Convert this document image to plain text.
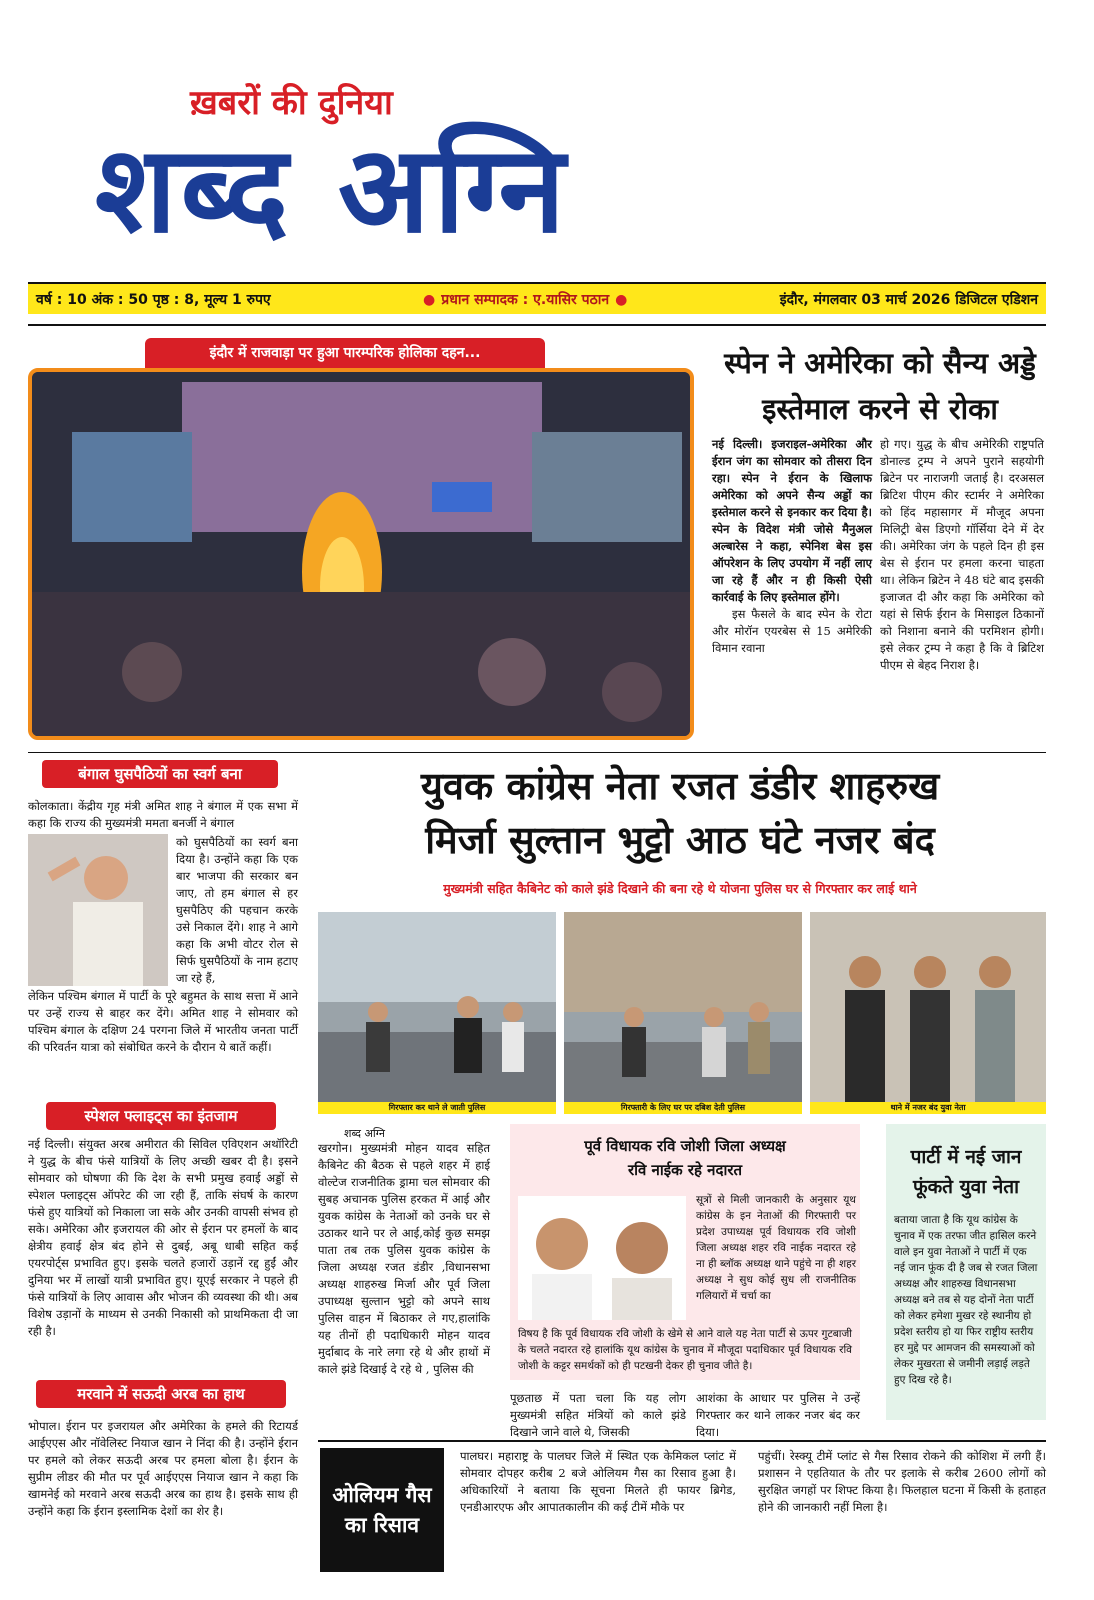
ख़बरों की दुनिया
शब्द अग्नि
वर्ष : 10 अंक : 50 पृष्ठ : 8, मूल्य 1 रुपए	● प्रधान सम्पादक : ए.यासिर पठान ●	इंदौर, मंगलवार 03 मार्च 2026 डिजिटल एडिशन
इंदौर में राजवाड़ा पर हुआ पारम्परिक होलिका दहन...	स्पेन ने अमेरिका को सैन्य अड्डे इस्तेमाल करने से रोका

नई दिल्ली। इजराइल-अमेरिका और ईरान जंग का सोमवार को तीसरा दिन रहा। स्पेन ने ईरान के खिलाफ अमेरिका को अपने सैन्य अड्डों का इस्तेमाल करने से इनकार कर दिया है। स्पेन के विदेश मंत्री जोसे मैनुअल अल्बारेस ने कहा, स्पेनिश बेस इस ऑपरेशन के लिए उपयोग में नहीं लाए जा रहे हैं और न ही किसी ऐसी कार्रवाई के लिए इस्तेमाल होंगे।

इस फैसले के बाद स्पेन के रोटा और मोरॉन एयरबेस से 15 अमेरिकी विमान रवाना

हो गए। युद्ध के बीच अमेरिकी राष्ट्रपति डोनाल्ड ट्रम्प ने अपने पुराने सहयोगी ब्रिटेन पर नाराजगी जताई है। दरअसल ब्रिटिश पीएम कीर स्टार्मर ने अमेरिका को हिंद महासागर में मौजूद अपना मिलिट्री बेस डिएगो गॉर्सिया देने में देर की। अमेरिका जंग के पहले दिन ही इस बेस से ईरान पर हमला करना चाहता था। लेकिन ब्रिटेन ने 48 घंटे बाद इसकी इजाजत दी और कहा कि अमेरिका को यहां से सिर्फ ईरान के मिसाइल ठिकानों को निशाना बनाने की परमिशन होगी। इसे लेकर ट्रम्प ने कहा है कि वे ब्रिटिश पीएम से बेहद निराश है।
बंगाल घुसपैठियों का स्वर्ग बना
कोलकाता। केंद्रीय गृह मंत्री अमित शाह ने बंगाल में एक सभा में कहा कि राज्य की मुख्यमंत्री ममता बनर्जी ने बंगाल
को घुसपैठियों का स्वर्ग बना दिया है। उन्होंने कहा कि एक बार भाजपा की सरकार बन जाए, तो हम बंगाल से हर घुसपैठिए की पहचान करके उसे निकाल देंगे। शाह ने आगे कहा कि अभी वोटर रोल से सिर्फ घुसपैठियों के नाम हटाए जा रहे हैं,
लेकिन पश्चिम बंगाल में पार्टी के पूरे बहुमत के साथ सत्ता में आने पर उन्हें राज्य से बाहर कर देंगे। अमित शाह ने सोमवार को पश्चिम बंगाल के दक्षिण 24 परगना जिले में भारतीय जनता पार्टी की परिवर्तन यात्रा को संबोधित करने के दौरान ये बातें कहीं।
युवक कांग्रेस नेता रजत डंडीर शाहरुख
मिर्जा सुल्तान भुट्टो आठ घंटे नजर बंद
मुख्यमंत्री सहित कैबिनेट को काले झंडे दिखाने की बना रहे थे योजना पुलिस घर से गिरफ्तार कर लाई थाने
गिरफ्तार कर थाने ले जाती पुलिस	गिरफ्तारी के लिए घर पर दबिश देती पुलिस	थाने में नजर बंद युवा नेता
स्पेशल फ्लाइट्स का इंतजाम
नई दिल्ली। संयुक्त अरब अमीरात की सिविल एविएशन अथॉरिटी ने युद्ध के बीच फंसे यात्रियों के लिए अच्छी खबर दी है। इसने सोमवार को घोषणा की कि देश के सभी प्रमुख हवाई अड्डों से स्पेशल फ्लाइट्स ऑपरेट की जा रही हैं, ताकि संघर्ष के कारण फंसे हुए यात्रियों को निकाला जा सके और उनकी वापसी संभव हो सके। अमेरिका और इजरायल की ओर से ईरान पर हमलों के बाद क्षेत्रीय हवाई क्षेत्र बंद होने से दुबई, अबू धाबी सहित कई एयरपोर्ट्स प्रभावित हुए। इसके चलते हजारों उड़ानें रद्द हुईं और दुनिया भर में लाखों यात्री प्रभावित हुए। यूएई सरकार ने पहले ही फंसे यात्रियों के लिए आवास और भोजन की व्यवस्था की थी। अब विशेष उड़ानों के माध्यम से उनकी निकासी को प्राथमिकता दी जा रही है।
शब्द अग्नि
खरगोन। मुख्यमंत्री मोहन यादव सहित कैबिनेट की बैठक से पहले शहर में हाई वोल्टेज राजनीतिक ड्रामा चल सोमवार की सुबह अचानक पुलिस हरकत में आई और युवक कांग्रेस के नेताओं को उनके घर से उठाकर थाने पर ले आई,कोई कुछ समझ पाता तब तक पुलिस युवक कांग्रेस के जिला अध्यक्ष रजत डंडीर ,विधानसभा अध्यक्ष शाहरुख मिर्जा और पूर्व जिला उपाध्यक्ष सुल्तान भुट्टो को अपने साथ पुलिस वाहन में बिठाकर ले गए,हालांकि यह तीनों ही पदाधिकारी मोहन यादव मुर्दाबाद के नारे लगा रहे थे और हाथों में काले झंडे दिखाई दे रहे थे , पुलिस की
पूछताछ में पता चला कि यह लोग मुख्यमंत्री सहित मंत्रियों को काले झंडे दिखाने जाने वाले थे, जिसकी
आशंका के आधार पर पुलिस ने उन्हें गिरफ्तार कर थाने लाकर नजर बंद कर दिया।
पूर्व विधायक रवि जोशी जिला अध्यक्ष
रवि नाईक रहे नदारत
सूत्रों से मिली जानकारी के अनुसार यूथ कांग्रेस के इन नेताओं की गिरफ्तारी पर प्रदेश उपाध्यक्ष पूर्व विधायक रवि जोशी जिला अध्यक्ष शहर रवि नाईक नदारत रहे ना ही ब्लॉक अध्यक्ष थाने पहुंचे ना ही शहर अध्यक्ष ने सुध कोई सुध ली राजनीतिक गलियारों में चर्चा का
विषय है कि पूर्व विधायक रवि जोशी के खेमे से आने वाले यह नेता पार्टी से ऊपर गुटबाजी के चलते नदारत रहे हालांकि यूथ कांग्रेस के चुनाव में मौजूदा पदाधिकार पूर्व विधायक रवि जोशी के कट्टर समर्थकों को ही पटखनी देकर ही चुनाव जीते है।
पार्टी में नई जान फूंकते युवा नेता
बताया जाता है कि यूथ कांग्रेस के चुनाव में एक तरफा जीत हासिल करने वाले इन युवा नेताओं ने पार्टी में एक नई जान फूंक दी है जब से रजत जिला अध्यक्ष और शाहरुख विधानसभा अध्यक्ष बने तब से यह दोनों नेता पार्टी को लेकर हमेशा मुखर रहे स्थानीय हो प्रदेश स्तरीय हो या फिर राष्ट्रीय स्तरीय हर मुद्दे पर आमजन की समस्याओं को लेकर मुखरता से जमीनी लड़ाई लड़ते हुए दिख रहे है।
मरवाने में सऊदी अरब का हाथ
भोपाल। ईरान पर इजरायल और अमेरिका के हमले की रिटायर्ड आईएएस और नॉवेलिस्ट नियाज खान ने निंदा की है। उन्होंने ईरान पर हमले को लेकर सऊदी अरब पर हमला बोला है। ईरान के सुप्रीम लीडर की मौत पर पूर्व आईएएस नियाज खान ने कहा कि खामनेई को मरवाने अरब सऊदी अरब का हाथ है। इसके साथ ही उन्होंने कहा कि ईरान इस्लामिक देशों का शेर है।
ओलियम गैस का रिसाव
पालघर। महाराष्ट्र के पालघर जिले में स्थित एक केमिकल प्लांट में सोमवार दोपहर करीब 2 बजे ओलियम गैस का रिसाव हुआ है। अधिकारियों ने बताया कि सूचना मिलते ही फायर ब्रिगेड, एनडीआरएफ और आपातकालीन की कई टीमें मौके पर
पहुंचीं। रेस्क्यू टीमें प्लांट से गैस रिसाव रोकने की कोशिश में लगी हैं। प्रशासन ने एहतियात के तौर पर इलाके से करीब 2600 लोगों को सुरक्षित जगहों पर शिफ्ट किया है। फिलहाल घटना में किसी के हताहत होने की जानकारी नहीं मिला है।
